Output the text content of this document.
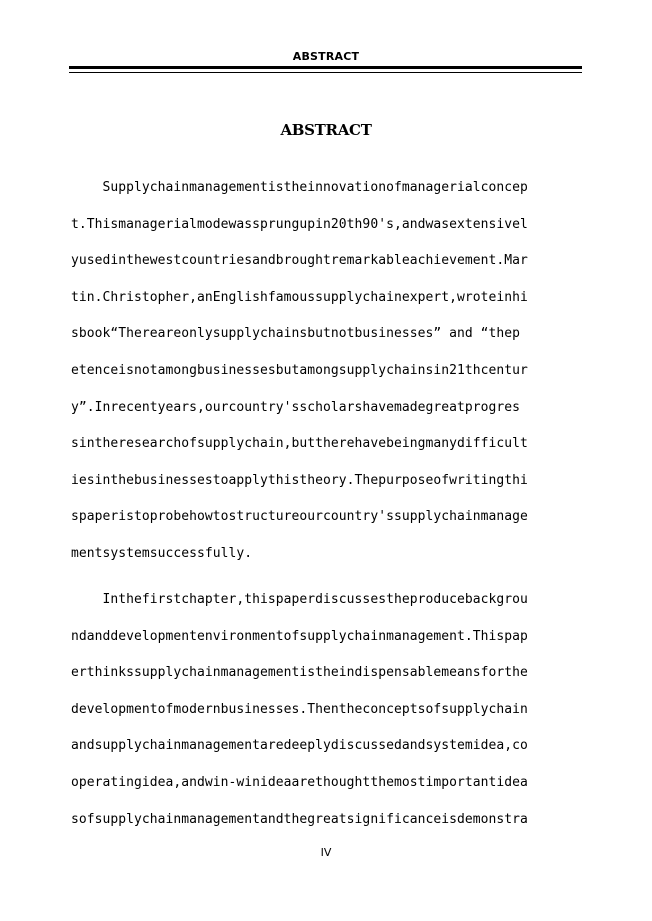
ABSTRACT
ABSTRACT
Supplychainmanagementistheinnovationofmanagerialconcep
t.Thismanagerialmodewassprungupin20th90's,andwasextensivel
yusedinthewestcountriesandbroughtremarkableachievement.Mar
tin.Christopher,anEnglishfamoussupplychainexpert,wroteinhi
sbook“Thereareonlysupplychainsbutnotbusinesses” and “thep
etenceisnotamongbusinessesbutamongsupplychainsin21thcentur
y”.Inrecentyears,ourcountry'sscholarshavemadegreatprogres
sintheresearchofsupplychain,buttherehavebeingmanydifficult
iesinthebusinessestoapplythistheory.Thepurposeofwritingthi
spaperistoprobehowtostructureourcountry'ssupplychainmanage
mentsystemsuccessfully.
Inthefirstchapter,thispaperdiscussestheproducebackgrou
ndanddevelopmentenvironmentofsupplychainmanagement.Thispap
erthinkssupplychainmanagementistheindispensablemeansforthe
developmentofmodernbusinesses.Thentheconceptsofsupplychain
andsupplychainmanagementaredeeplydiscussedandsystemidea,co
operatingidea,andwin-winideaarethoughtthemostimportantidea
sofsupplychainmanagementandthegreatsignificanceisdemonstra
IV
